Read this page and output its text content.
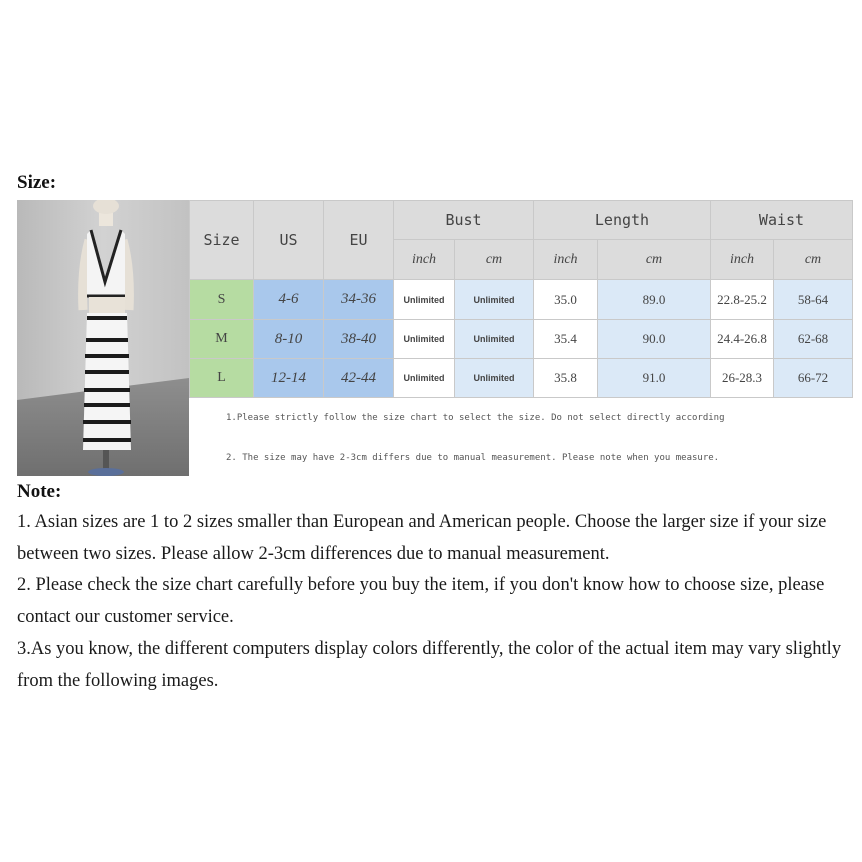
Size:
Size	US	EU	Bust		Length		Waist	
			inch	cm	inch	cm	inch	cm
S	4-6	34-36	Unlimited	Unlimited	35.0	89.0	22.8-25.2	58-64
M	8-10	38-40	Unlimited	Unlimited	35.4	90.0	24.4-26.8	62-68
L	12-14	42-44	Unlimited	Unlimited	35.8	91.0	26-28.3	66-72
1.Please strictly follow the size chart to select the size. Do not select directly according
2. The size may have 2-3cm differs due to manual measurement. Please note when you measure.
Note:

1. Asian sizes are 1 to 2 sizes smaller than European and American people. Choose the larger size if your size between two sizes. Please allow 2-3cm differences due to manual measurement.

2. Please check the size chart carefully before you buy the item, if you don't know how to choose size, please contact our customer service.

3.As you know, the different computers display colors differently, the color of the actual item may vary slightly from the following images.
